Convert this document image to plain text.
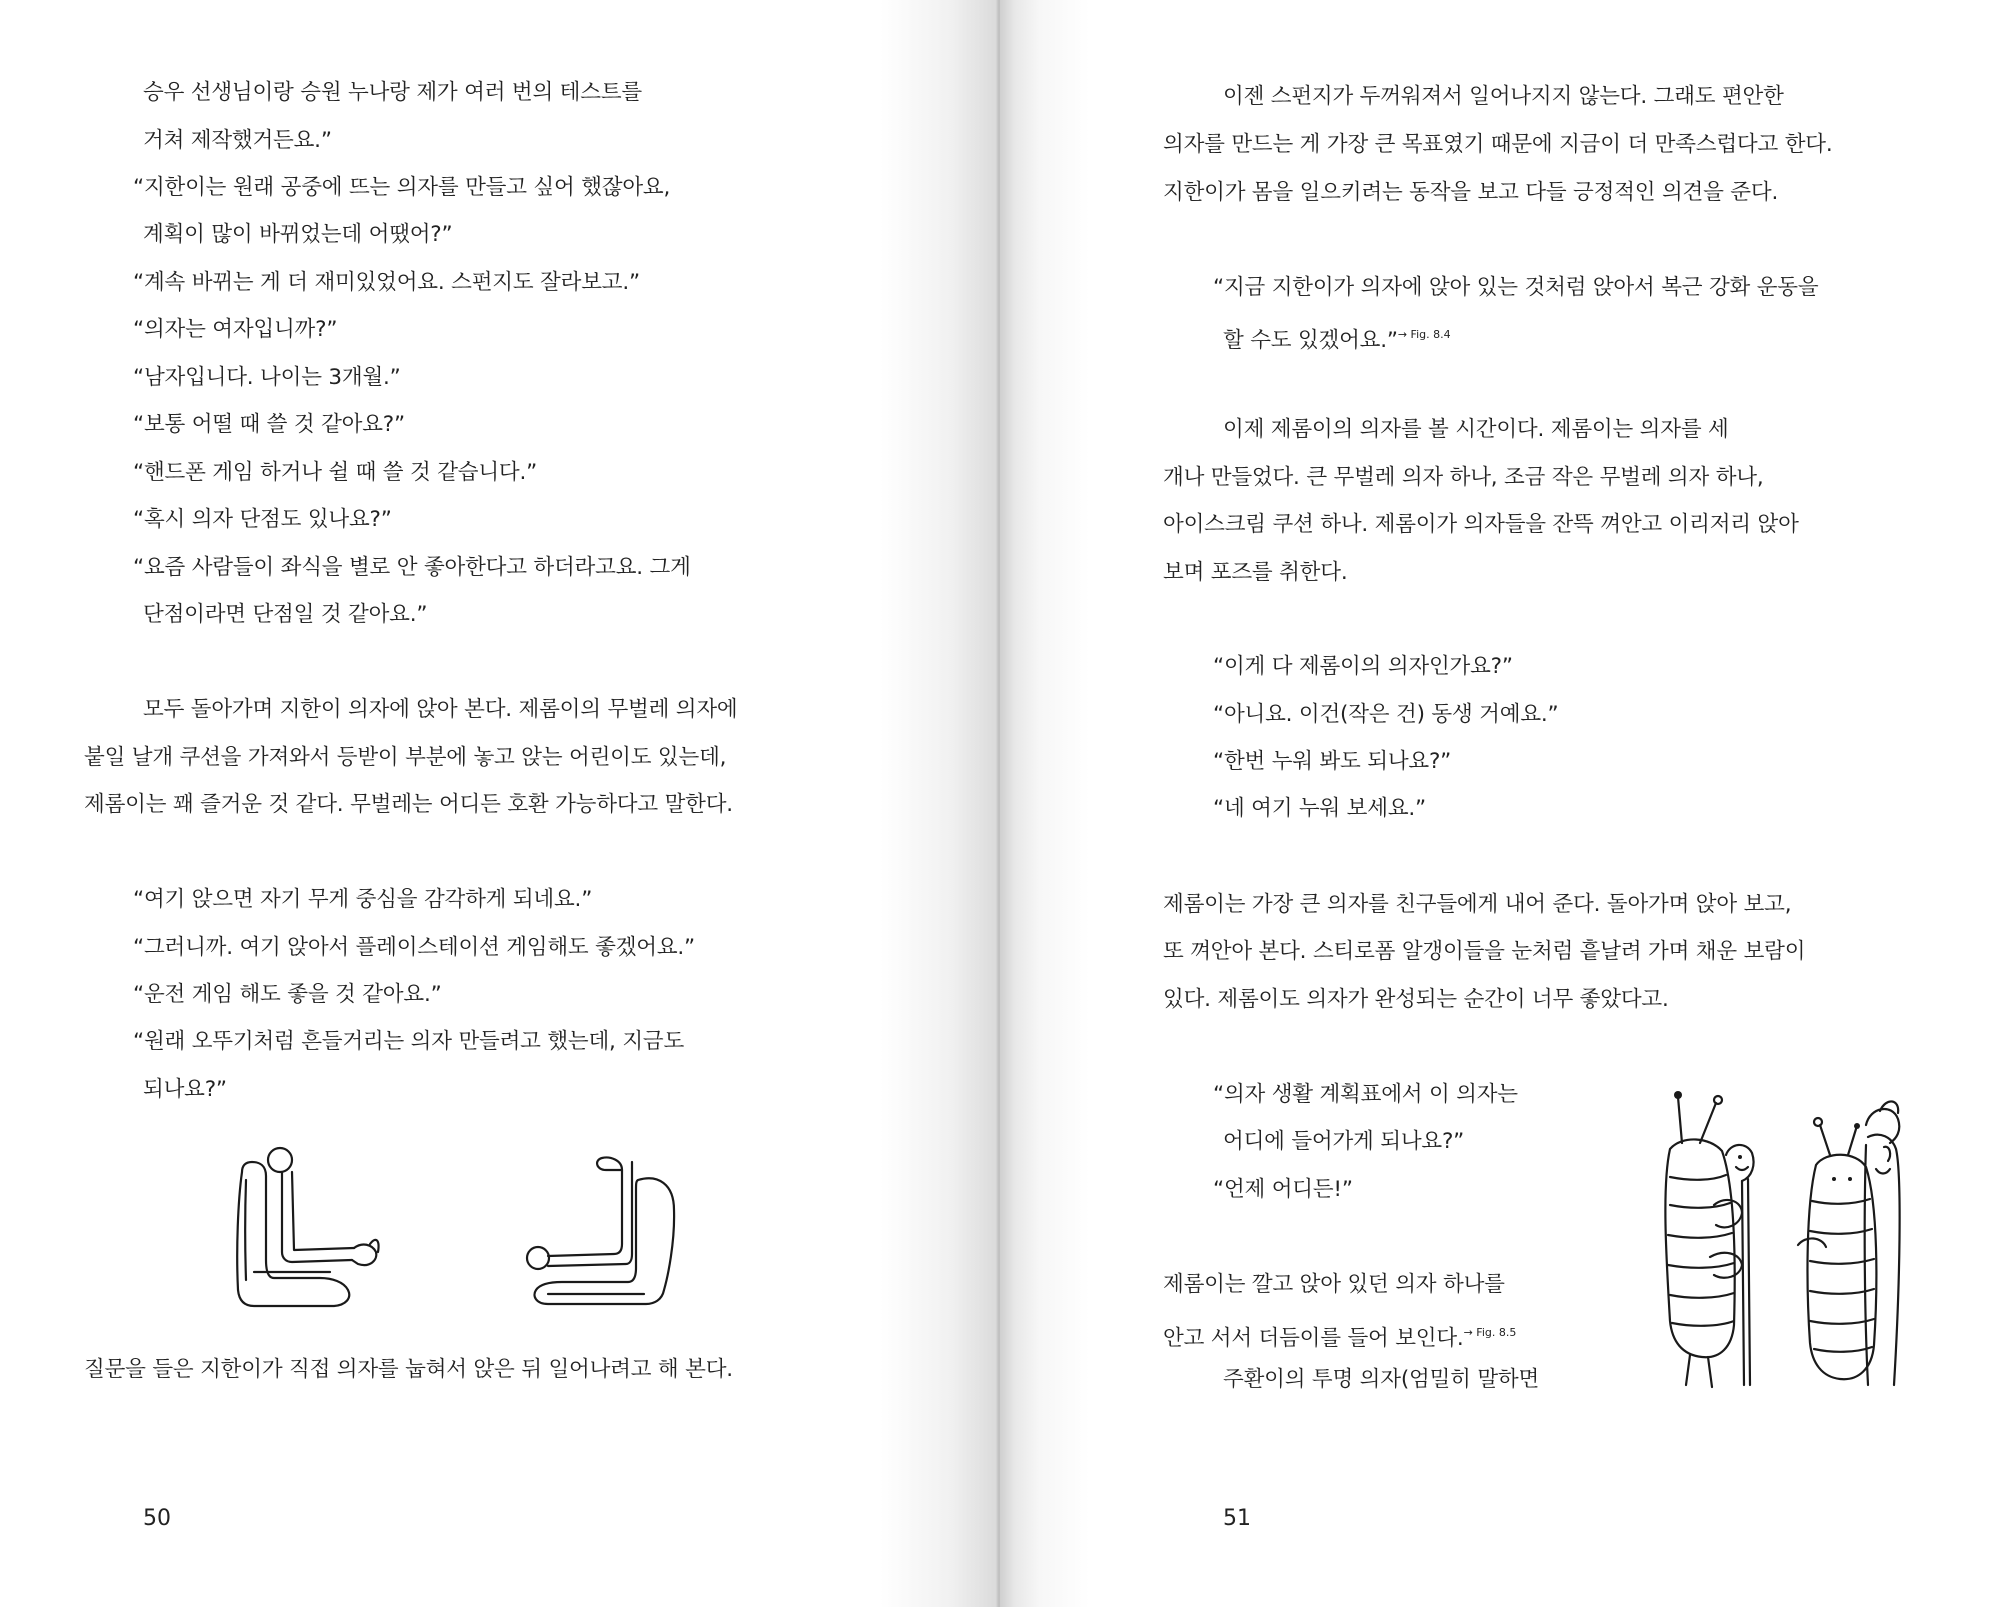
승우 선생님이랑 승원 누나랑 제가 여러 번의 테스트를
거쳐 제작했거든요.”
“지한이는 원래 공중에 뜨는 의자를 만들고 싶어 했잖아요,
계획이 많이 바뀌었는데 어땠어?”
“계속 바뀌는 게 더 재미있었어요. 스펀지도 잘라보고.”
“의자는 여자입니까?”
“남자입니다. 나이는 3개월.”
“보통 어떨 때 쓸 것 같아요?”
“핸드폰 게임 하거나 쉴 때 쓸 것 같습니다.”
“혹시 의자 단점도 있나요?”
“요즘 사람들이 좌식을 별로 안 좋아한다고 하더라고요. 그게
단점이라면 단점일 것 같아요.”
모두 돌아가며 지한이 의자에 앉아 본다. 제롬이의 무벌레 의자에
붙일 날개 쿠션을 가져와서 등받이 부분에 놓고 앉는 어린이도 있는데,
제롬이는 꽤 즐거운 것 같다. 무벌레는 어디든 호환 가능하다고 말한다.
“여기 앉으면 자기 무게 중심을 감각하게 되네요.”
“그러니까. 여기 앉아서 플레이스테이션 게임해도 좋겠어요.”
“운전 게임 해도 좋을 것 같아요.”
“원래 오뚜기처럼 흔들거리는 의자 만들려고 했는데, 지금도
되나요?”
질문을 들은 지한이가 직접 의자를 눕혀서 앉은 뒤 일어나려고 해 본다.
50
이젠 스펀지가 두꺼워져서 일어나지지 않는다. 그래도 편안한
의자를 만드는 게 가장 큰 목표였기 때문에 지금이 더 만족스럽다고 한다.
지한이가 몸을 일으키려는 동작을 보고 다들 긍정적인 의견을 준다.
“지금 지한이가 의자에 앉아 있는 것처럼 앉아서 복근 강화 운동을
할 수도 있겠어요.”$^{\to Fig. 8.4}$
이제 제롬이의 의자를 볼 시간이다. 제롬이는 의자를 세
개나 만들었다. 큰 무벌레 의자 하나, 조금 작은 무벌레 의자 하나,
아이스크림 쿠션 하나. 제롬이가 의자들을 잔뜩 껴안고 이리저리 앉아
보며 포즈를 취한다.
“이게 다 제롬이의 의자인가요?”
“아니요. 이건(작은 건) 동생 거예요.”
“한번 누워 봐도 되나요?”
“네 여기 누워 보세요.”
제롬이는 가장 큰 의자를 친구들에게 내어 준다. 돌아가며 앉아 보고,
또 껴안아 본다. 스티로폼 알갱이들을 눈처럼 흩날려 가며 채운 보람이
있다. 제롬이도 의자가 완성되는 순간이 너무 좋았다고.
“의자 생활 계획표에서 이 의자는
어디에 들어가게 되나요?”
“언제 어디든!”
제롬이는 깔고 앉아 있던 의자 하나를
안고 서서 더듬이를 들어 보인다.$^{\to Fig. 8.5}$
주환이의 투명 의자(엄밀히 말하면
51
